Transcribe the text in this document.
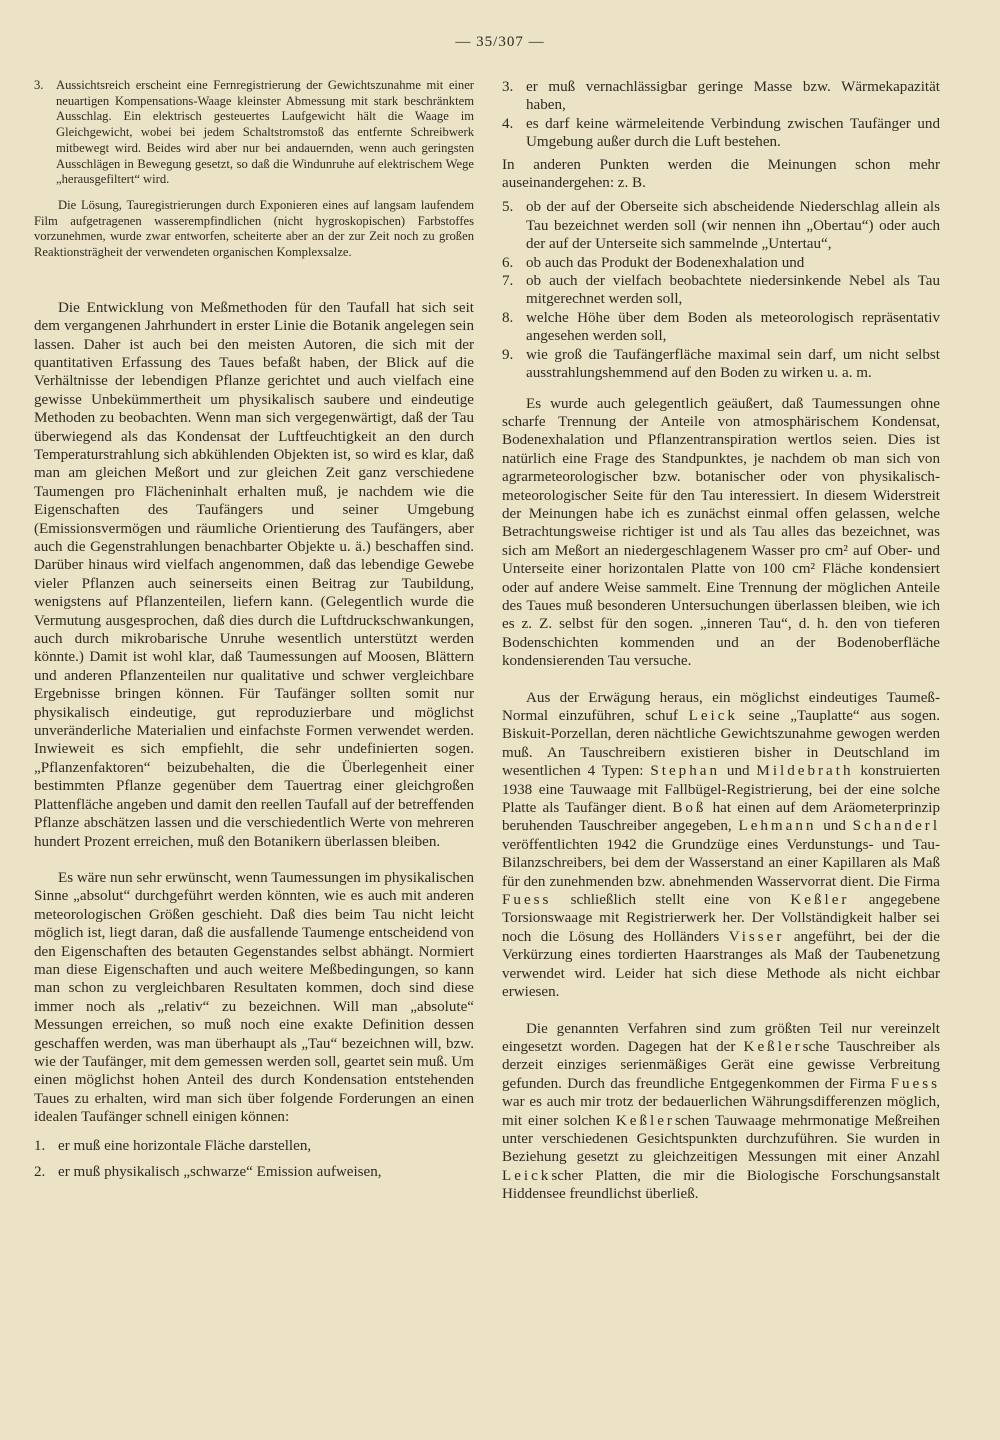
— 35/307 —
3. Aussichtsreich erscheint eine Fernregistrierung der Gewichtszunahme mit einer neuartigen Kompensations-Waage kleinster Abmessung mit stark beschränktem Ausschlag. Ein elektrisch gesteuertes Laufgewicht hält die Waage im Gleichgewicht, wobei bei jedem Schaltstromstoß das entfernte Schreibwerk mitbewegt wird. Beides wird aber nur bei andauernden, wenn auch geringsten Ausschlägen in Bewegung gesetzt, so daß die Windunruhe auf elektrischem Wege „herausgefiltert“ wird.

Die Lösung, Tauregistrierungen durch Exponieren eines auf langsam laufendem Film aufgetragenen wasserempfindlichen (nicht hygroskopischen) Farbstoffes vorzunehmen, wurde zwar entworfen, scheiterte aber an der zur Zeit noch zu großen Reaktionsträgheit der verwendeten organischen Komplexsalze.

Die Entwicklung von Meßmethoden für den Taufall hat sich seit dem vergangenen Jahrhundert in erster Linie die Botanik angelegen sein lassen. Daher ist auch bei den meisten Autoren, die sich mit der quantitativen Erfassung des Taues befaßt haben, der Blick auf die Verhältnisse der lebendigen Pflanze gerichtet und auch vielfach eine gewisse Unbekümmertheit um physikalisch saubere und eindeutige Methoden zu beobachten. Wenn man sich vergegenwärtigt, daß der Tau überwiegend als das Kondensat der Luftfeuchtigkeit an den durch Temperaturstrahlung sich abkühlenden Objekten ist, so wird es klar, daß man am gleichen Meßort und zur gleichen Zeit ganz verschiedene Taumengen pro Flächeninhalt erhalten muß, je nachdem wie die Eigenschaften des Taufängers und seiner Umgebung (Emissionsvermögen und räumliche Orientierung des Taufängers, aber auch die Gegenstrahlungen benachbarter Objekte u. ä.) beschaffen sind. Darüber hinaus wird vielfach angenommen, daß das lebendige Gewebe vieler Pflanzen auch seinerseits einen Beitrag zur Taubildung, wenigstens auf Pflanzenteilen, liefern kann. (Gelegentlich wurde die Vermutung ausgesprochen, daß dies durch die Luftdruckschwankungen, auch durch mikrobarische Unruhe wesentlich unterstützt werden könnte.) Damit ist wohl klar, daß Taumessungen auf Moosen, Blättern und anderen Pflanzenteilen nur qualitative und schwer vergleichbare Ergebnisse bringen können. Für Taufänger sollten somit nur physikalisch eindeutige, gut reproduzierbare und möglichst unveränderliche Materialien und einfachste Formen verwendet werden. Inwieweit es sich empfiehlt, die sehr undefinierten sogen. „Pflanzenfaktoren“ beizubehalten, die die Überlegenheit einer bestimmten Pflanze gegenüber dem Tauertrag einer gleichgroßen Plattenfläche angeben und damit den reellen Taufall auf der betreffenden Pflanze abschätzen lassen und die verschiedentlich Werte von mehreren hundert Prozent erreichen, muß den Botanikern überlassen bleiben.

Es wäre nun sehr erwünscht, wenn Taumessungen im physikalischen Sinne „absolut“ durchgeführt werden könnten, wie es auch mit anderen meteorologischen Größen geschieht. Daß dies beim Tau nicht leicht möglich ist, liegt daran, daß die ausfallende Taumenge entscheidend von den Eigenschaften des betauten Gegenstandes selbst abhängt. Normiert man diese Eigenschaften und auch weitere Meßbedingungen, so kann man schon zu vergleichbaren Resultaten kommen, doch sind diese immer noch als „relativ“ zu bezeichnen. Will man „absolute“ Messungen erreichen, so muß noch eine exakte Definition dessen geschaffen werden, was man überhaupt als „Tau“ bezeichnen will, bzw. wie der Taufänger, mit dem gemessen werden soll, geartet sein muß. Um einen möglichst hohen Anteil des durch Kondensation entstehenden Taues zu erhalten, wird man sich über folgende Forderungen an einen idealen Taufänger schnell einigen können:

1. er muß eine horizontale Fläche darstellen,
2. er muß physikalisch „schwarze“ Emission aufweisen,
3. er muß vernachlässigbar geringe Masse bzw. Wärmekapazität haben,
4. es darf keine wärmeleitende Verbindung zwischen Taufänger und Umgebung außer durch die Luft bestehen.

In anderen Punkten werden die Meinungen schon mehr auseinandergehen: z. B.

5. ob der auf der Oberseite sich abscheidende Niederschlag allein als Tau bezeichnet werden soll (wir nennen ihn „Obertau“) oder auch der auf der Unterseite sich sammelnde „Untertau“,
6. ob auch das Produkt der Bodenexhalation und
7. ob auch der vielfach beobachtete niedersinkende Nebel als Tau mitgerechnet werden soll,
8. welche Höhe über dem Boden als meteorologisch repräsentativ angesehen werden soll,
9. wie groß die Taufängerfläche maximal sein darf, um nicht selbst ausstrahlungshemmend auf den Boden zu wirken u. a. m.

Es wurde auch gelegentlich geäußert, daß Taumessungen ohne scharfe Trennung der Anteile von atmosphärischem Kondensat, Bodenexhalation und Pflanzentranspiration wertlos seien. Dies ist natürlich eine Frage des Standpunktes, je nachdem ob man sich von agrarmeteorologischer bzw. botanischer oder von physikalisch-meteorologischer Seite für den Tau interessiert. In diesem Widerstreit der Meinungen habe ich es zunächst einmal offen gelassen, welche Betrachtungsweise richtiger ist und als Tau alles das bezeichnet, was sich am Meßort an niedergeschlagenem Wasser pro cm² auf Ober- und Unterseite einer horizontalen Platte von 100 cm² Fläche kondensiert oder auf andere Weise sammelt. Eine Trennung der möglichen Anteile des Taues muß besonderen Untersuchungen überlassen bleiben, wie ich es z. Z. selbst für den sogen. „inneren Tau“, d. h. den von tieferen Bodenschichten kommenden und an der Bodenoberfläche kondensierenden Tau versuche.

Aus der Erwägung heraus, ein möglichst eindeutiges Taumeß-Normal einzuführen, schuf Leick seine „Tauplatte“ aus sogen. Biskuit-Porzellan, deren nächtliche Gewichtszunahme gewogen werden muß. An Tauschreibern existieren bisher in Deutschland im wesentlichen 4 Typen: Stephan und Mildebrath konstruierten 1938 eine Tauwaage mit Fallbügel-Registrierung, bei der eine solche Platte als Taufänger dient. Boß hat einen auf dem Aräometerprinzip beruhenden Tauschreiber angegeben, Lehmann und Schanderl veröffentlichten 1942 die Grundzüge eines Verdunstungs- und Tau-Bilanzschreibers, bei dem der Wasserstand an einer Kapillaren als Maß für den zunehmenden bzw. abnehmenden Wasservorrat dient. Die Firma Fuess schließlich stellt eine von Keßler angegebene Torsionswaage mit Registrierwerk her. Der Vollständigkeit halber sei noch die Lösung des Holländers Visser angeführt, bei der die Verkürzung eines tordierten Haarstranges als Maß der Taubenetzung verwendet wird. Leider hat sich diese Methode als nicht eichbar erwiesen.

Die genannten Verfahren sind zum größten Teil nur vereinzelt eingesetzt worden. Dagegen hat der Keßlersche Tauschreiber als derzeit einziges serienmäßiges Gerät eine gewisse Verbreitung gefunden. Durch das freundliche Entgegenkommen der Firma Fuess war es auch mir trotz der bedauerlichen Währungsdifferenzen möglich, mit einer solchen Keßlerschen Tauwaage mehrmonatige Meßreihen unter verschiedenen Gesichtspunkten durchzuführen. Sie wurden in Beziehung gesetzt zu gleichzeitigen Messungen mit einer Anzahl Leickscher Platten, die mir die Biologische Forschungsanstalt Hiddensee freundlichst überließ.
